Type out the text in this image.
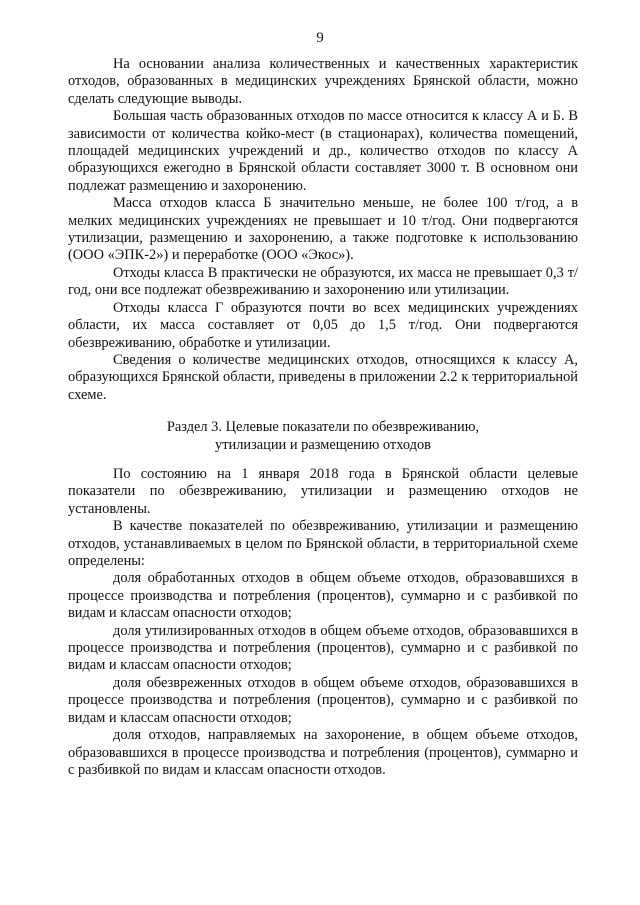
9

На основании анализа количественных и качественных характеристик отходов, образованных в медицинских учреждениях Брянской области, можно сделать следующие выводы.

Большая часть образованных отходов по массе относится к классу А и Б. В зависимости от количества койко-мест (в стационарах), количества помещений, площадей медицинских учреждений и др., количество отходов по классу А образующихся ежегодно в Брянской области составляет 3000 т. В основном они подлежат размещению и захоронению.

Масса отходов класса Б значительно меньше, не более 100 т/год, а в мелких медицинских учреждениях не превышает и 10 т/год. Они подвергаются утилизации, размещению и захоронению, а также подготовке к использованию (ООО «ЭПК-2») и переработке (ООО «Экос»).

Отходы класса В практически не образуются, их масса не превышает 0,3 т/год, они все подлежат обезвреживанию и захоронению или утилизации.

Отходы класса Г образуются почти во всех медицинских учреждениях области, их масса составляет от 0,05 до 1,5 т/год. Они подвергаются обезвреживанию, обработке и утилизации.

Сведения о количестве медицинских отходов, относящихся к классу А, образующихся Брянской области, приведены в приложении 2.2 к территориальной схеме.

Раздел 3. Целевые показатели по обезвреживанию,
утилизации и размещению отходов

По состоянию на 1 января 2018 года в Брянской области целевые показатели по обезвреживанию, утилизации и размещению отходов не установлены.

В качестве показателей по обезвреживанию, утилизации и размещению отходов, устанавливаемых в целом по Брянской области, в территориальной схеме определены:

доля обработанных отходов в общем объеме отходов, образовавшихся в процессе производства и потребления (процентов), суммарно и с разбивкой по видам и классам опасности отходов;

доля утилизированных отходов в общем объеме отходов, образовавшихся в процессе производства и потребления (процентов), суммарно и с разбивкой по видам и классам опасности отходов;

доля обезвреженных отходов в общем объеме отходов, образовавшихся в процессе производства и потребления (процентов), суммарно и с разбивкой по видам и классам опасности отходов;

доля отходов, направляемых на захоронение, в общем объеме отходов, образовавшихся в процессе производства и потребления (процентов), суммарно и с разбивкой по видам и классам опасности отходов.
